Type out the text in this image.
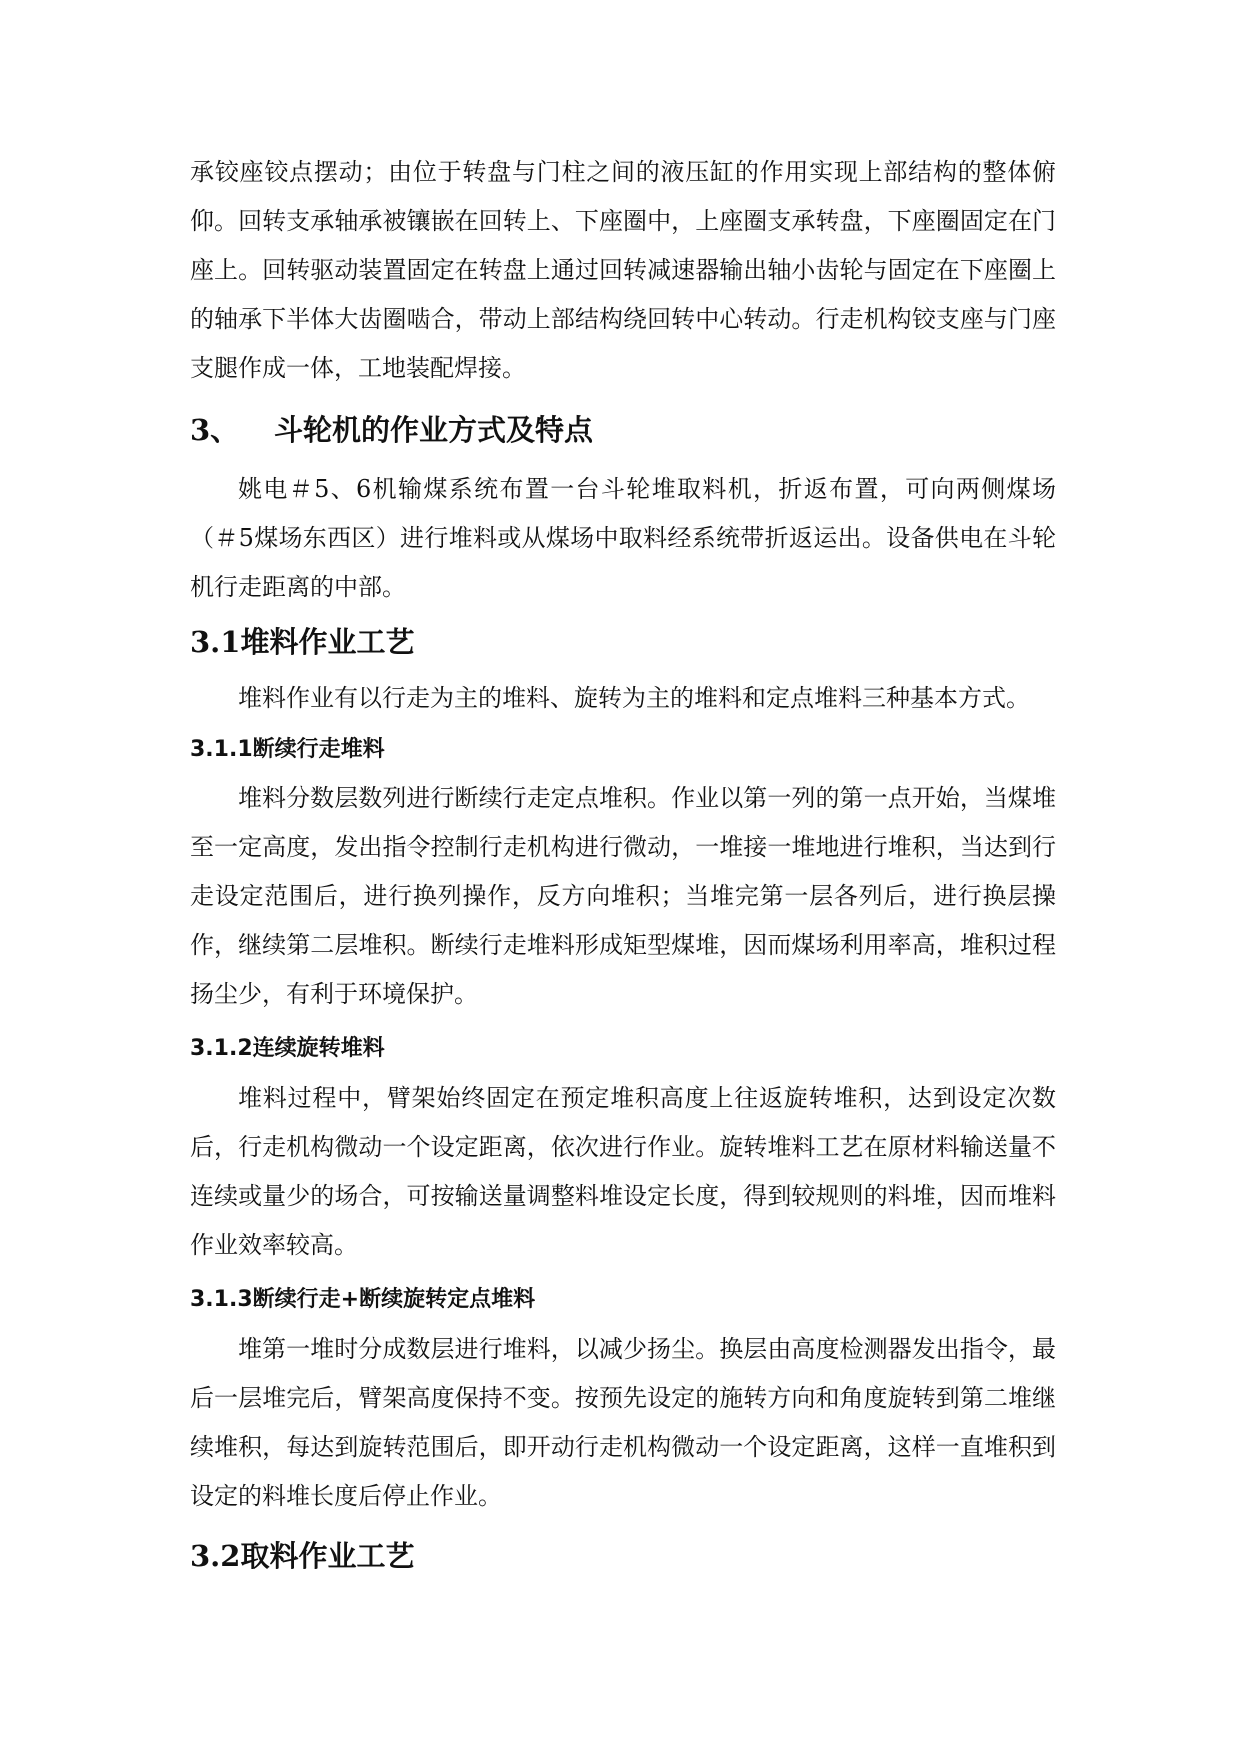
承铰座铰点摆动；由位于转盘与门柱之间的液压缸的作用实现上部结构的整体俯仰。回转支承轴承被镶嵌在回转上、下座圈中，上座圈支承转盘，下座圈固定在门座上。回转驱动装置固定在转盘上通过回转减速器输出轴小齿轮与固定在下座圈上的轴承下半体大齿圈啮合，带动上部结构绕回转中心转动。行走机构铰支座与门座支腿作成一体，工地装配焊接。

3、 斗轮机的作业方式及特点

姚电＃5、6机输煤系统布置一台斗轮堆取料机，折返布置，可向两侧煤场（＃5煤场东西区）进行堆料或从煤场中取料经系统带折返运出。设备供电在斗轮机行走距离的中部。

3.1堆料作业工艺

堆料作业有以行走为主的堆料、旋转为主的堆料和定点堆料三种基本方式。

3.1.1断续行走堆料

堆料分数层数列进行断续行走定点堆积。作业以第一列的第一点开始，当煤堆至一定高度，发出指令控制行走机构进行微动，一堆接一堆地进行堆积，当达到行走设定范围后，进行换列操作，反方向堆积；当堆完第一层各列后，进行换层操作，继续第二层堆积。断续行走堆料形成矩型煤堆，因而煤场利用率高，堆积过程扬尘少，有利于环境保护。

3.1.2连续旋转堆料

堆料过程中，臂架始终固定在预定堆积高度上往返旋转堆积，达到设定次数后，行走机构微动一个设定距离，依次进行作业。旋转堆料工艺在原材料输送量不连续或量少的场合，可按输送量调整料堆设定长度，得到较规则的料堆，因而堆料作业效率较高。

3.1.3断续行走+断续旋转定点堆料

堆第一堆时分成数层进行堆料，以减少扬尘。换层由高度检测器发出指令，最后一层堆完后，臂架高度保持不变。按预先设定的施转方向和角度旋转到第二堆继续堆积，每达到旋转范围后，即开动行走机构微动一个设定距离，这样一直堆积到设定的料堆长度后停止作业。

3.2取料作业工艺
